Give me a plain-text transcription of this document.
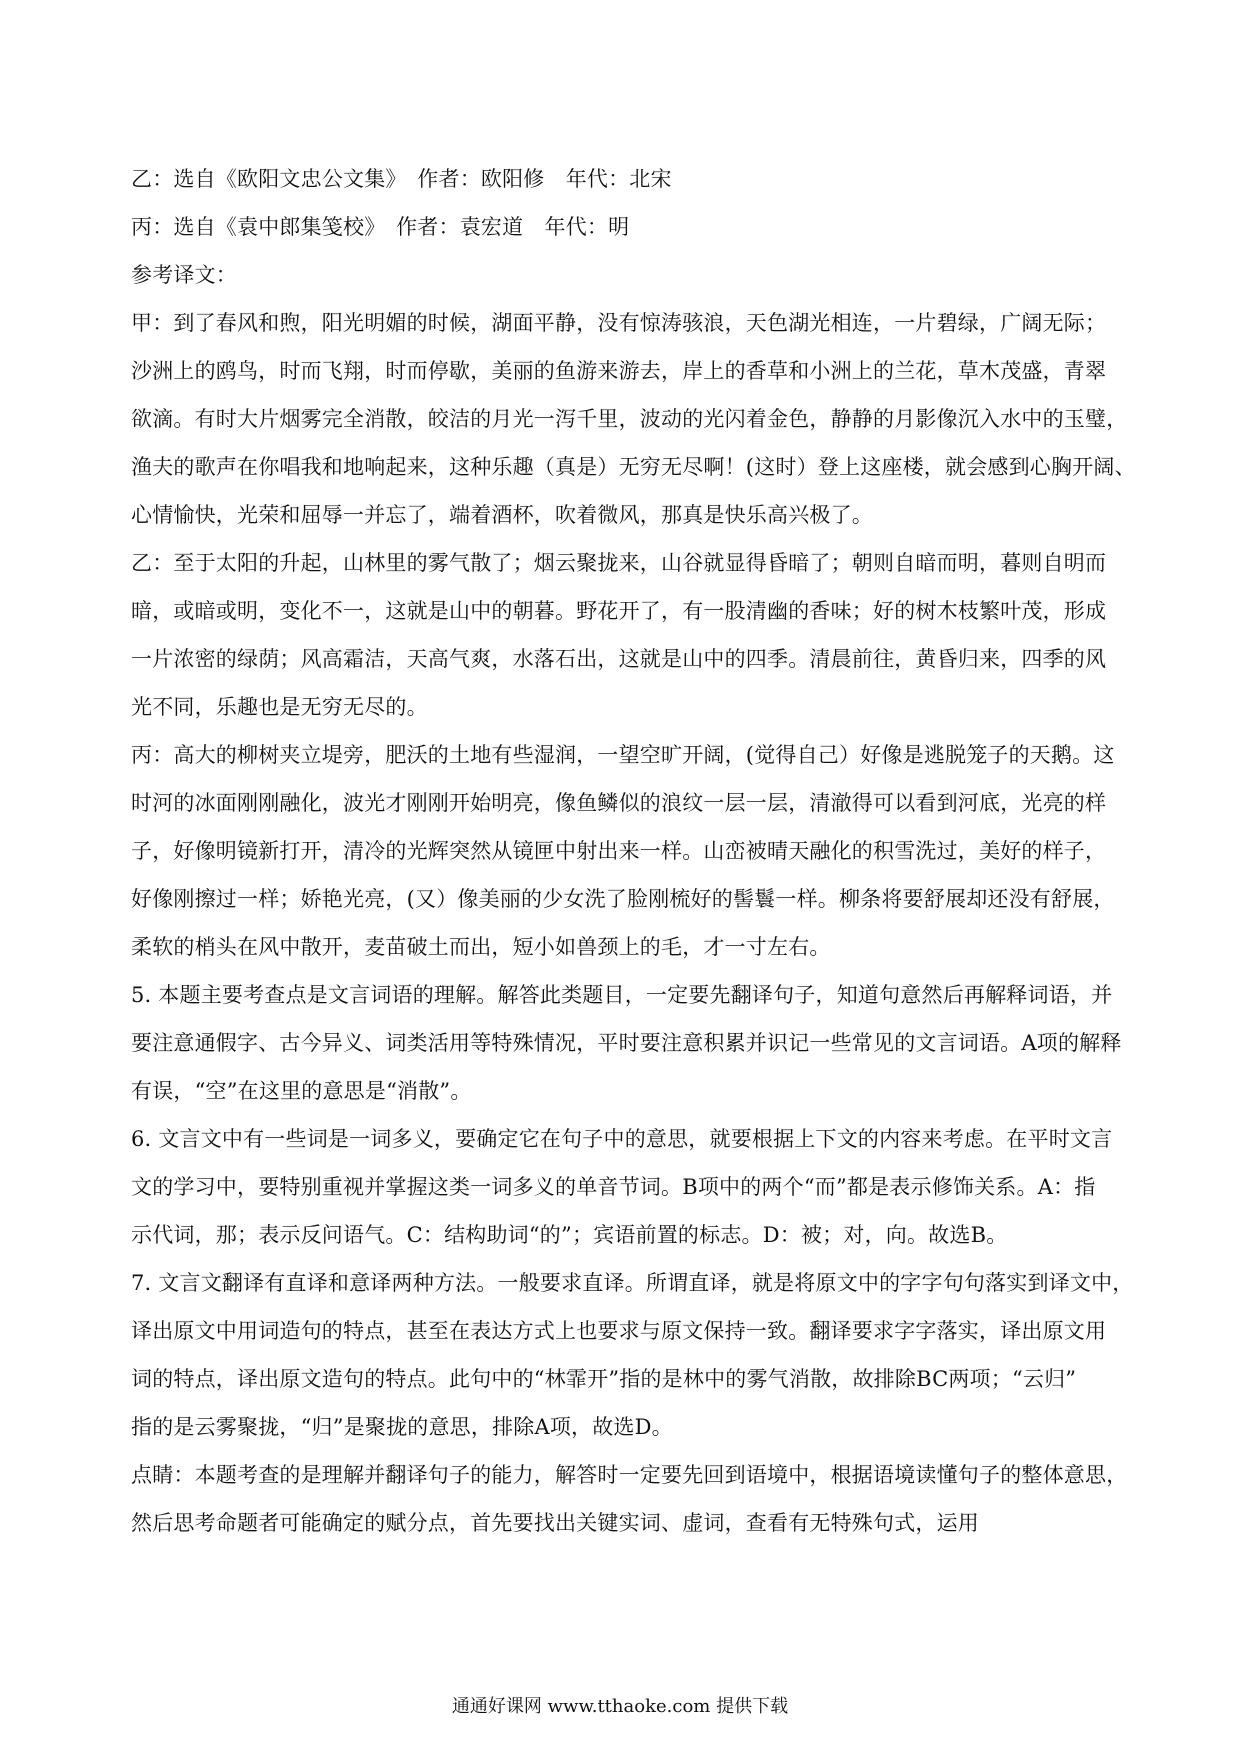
乙：选自《欧阳文忠公文集》　作者：欧阳修　年代：北宋
丙：选自《袁中郎集笺校》　作者：袁宏道　年代：明
参考译文：
甲：到了春风和煦，阳光明媚的时候，湖面平静，没有惊涛骇浪，天色湖光相连，一片碧绿，广阔无际；
沙洲上的鸥鸟，时而飞翔，时而停歇，美丽的鱼游来游去，岸上的香草和小洲上的兰花，草木茂盛，青翠
欲滴。有时大片烟雾完全消散，皎洁的月光一泻千里，波动的光闪着金色，静静的月影像沉入水中的玉璧，
渔夫的歌声在你唱我和地响起来，这种乐趣（真是）无穷无尽啊！(这时）登上这座楼，就会感到心胸开阔、
心情愉快，光荣和屈辱一并忘了，端着酒杯，吹着微风，那真是快乐高兴极了。
乙：至于太阳的升起，山林里的雾气散了；烟云聚拢来，山谷就显得昏暗了；朝则自暗而明，暮则自明而
暗，或暗或明，变化不一，这就是山中的朝暮。野花开了，有一股清幽的香味；好的树木枝繁叶茂，形成
一片浓密的绿荫；风高霜洁，天高气爽，水落石出，这就是山中的四季。清晨前往，黄昏归来，四季的风
光不同，乐趣也是无穷无尽的。
丙：高大的柳树夹立堤旁，肥沃的土地有些湿润，一望空旷开阔，(觉得自己）好像是逃脱笼子的天鹅。这
时河的冰面刚刚融化，波光才刚刚开始明亮，像鱼鳞似的浪纹一层一层，清澈得可以看到河底，光亮的样
子，好像明镜新打开，清冷的光辉突然从镜匣中射出来一样。山峦被晴天融化的积雪洗过，美好的样子，
好像刚擦过一样；娇艳光亮，(又）像美丽的少女洗了脸刚梳好的髻鬟一样。柳条将要舒展却还没有舒展，
柔软的梢头在风中散开，麦苗破土而出，短小如兽颈上的毛，才一寸左右。
5. 本题主要考查点是文言词语的理解。解答此类题目，一定要先翻译句子，知道句意然后再解释词语，并
要注意通假字、古今异义、词类活用等特殊情况，平时要注意积累并识记一些常见的文言词语。A项的解释
有误，“空”在这里的意思是“消散”。
6. 文言文中有一些词是一词多义，要确定它在句子中的意思，就要根据上下文的内容来考虑。在平时文言
文的学习中，要特别重视并掌握这类一词多义的单音节词。B项中的两个“而”都是表示修饰关系。A：指
示代词，那；表示反问语气。C：结构助词“的”；宾语前置的标志。D：被；对，向。故选B。
7. 文言文翻译有直译和意译两种方法。一般要求直译。所谓直译，就是将原文中的字字句句落实到译文中，
译出原文中用词造句的特点，甚至在表达方式上也要求与原文保持一致。翻译要求字字落实，译出原文用
词的特点，译出原文造句的特点。此句中的“林霏开”指的是林中的雾气消散，故排除BC两项；“云归”
指的是云雾聚拢，“归”是聚拢的意思，排除A项，故选D。
点睛：本题考查的是理解并翻译句子的能力，解答时一定要先回到语境中，根据语境读懂句子的整体意思，
然后思考命题者可能确定的赋分点，首先要找出关键实词、虚词，查看有无特殊句式，运用
通通好课网 www.tthaoke.com 提供下载
